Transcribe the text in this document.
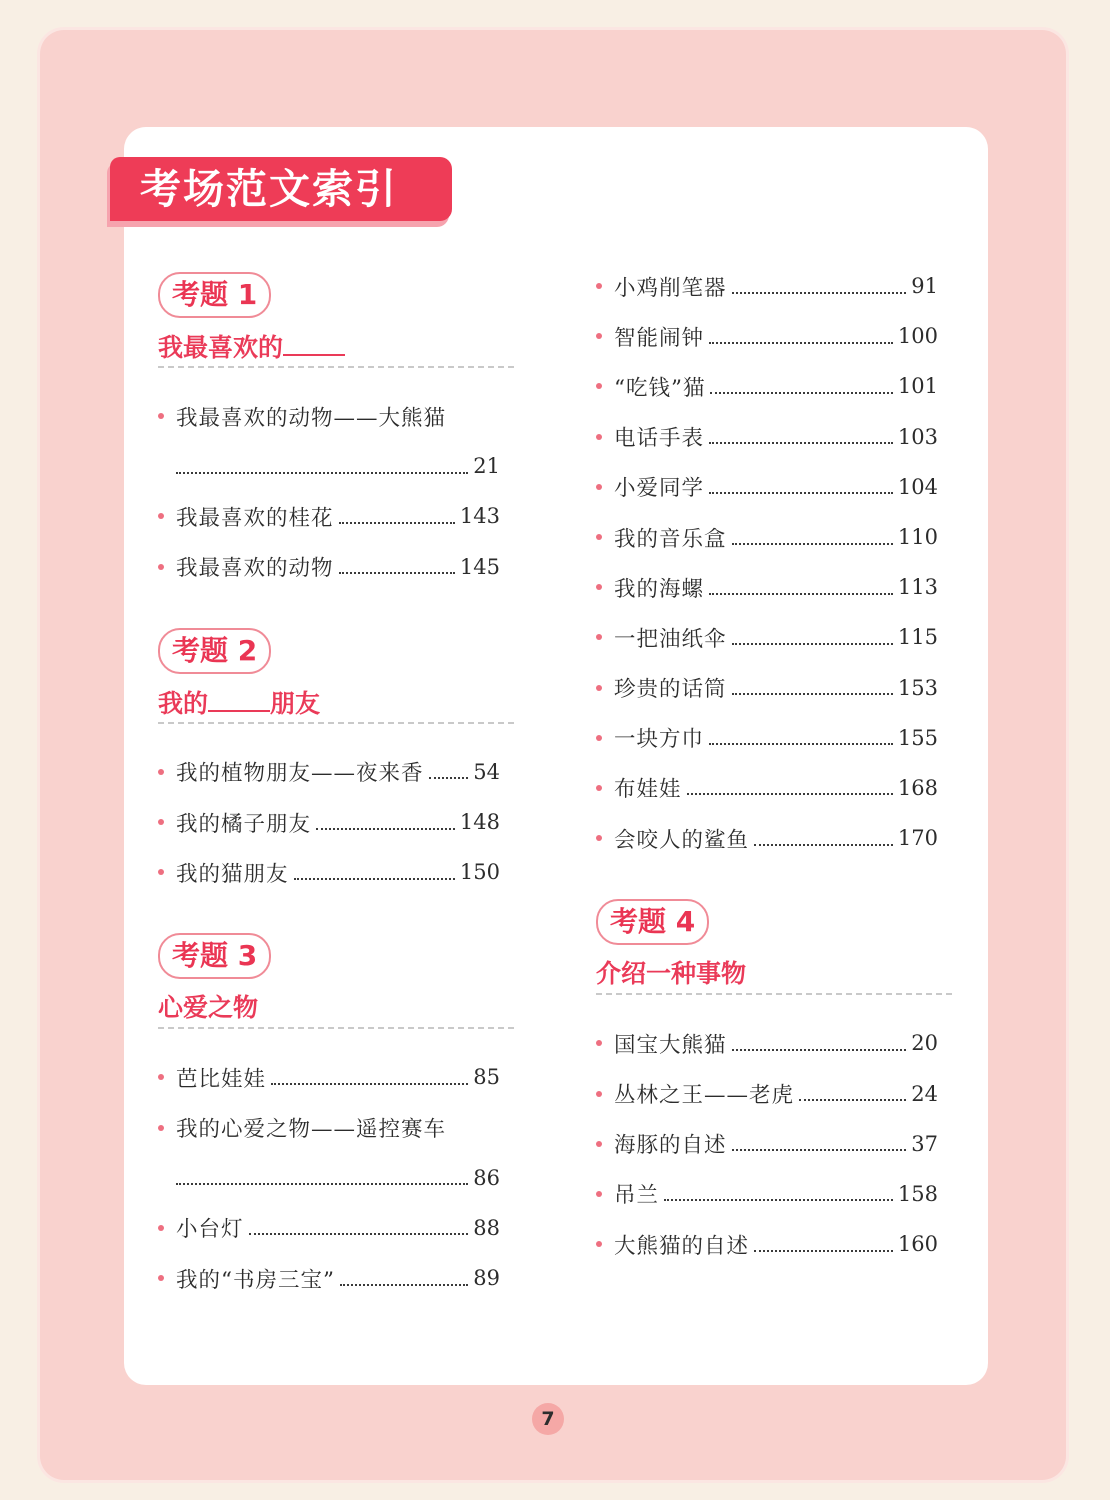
考场范文索引
考题 1
我最喜欢的
我最喜欢的动物——大熊猫
21
我最喜欢的桂花	143
我最喜欢的动物	145
考题 2
我的 朋友
我的植物朋友——夜来香 54
我的橘子朋友	148
我的猫朋友	150
考题 3
心爱之物
芭比娃娃	85
我的心爱之物——遥控赛车
86
小台灯	88
我的“书房三宝”	89
小鸡削笔器	91
智能闹钟	100
“吃钱”猫	101
电话手表	103
小爱同学	104
我的音乐盒	110
我的海螺	113
一把油纸伞	115
珍贵的话筒	153
一块方巾	155
布娃娃	168
会咬人的鲨鱼	170
考题 4
介绍一种事物
国宝大熊猫	20
丛林之王——老虎	24
海豚的自述	37
吊兰	158
大熊猫的自述	160
7
